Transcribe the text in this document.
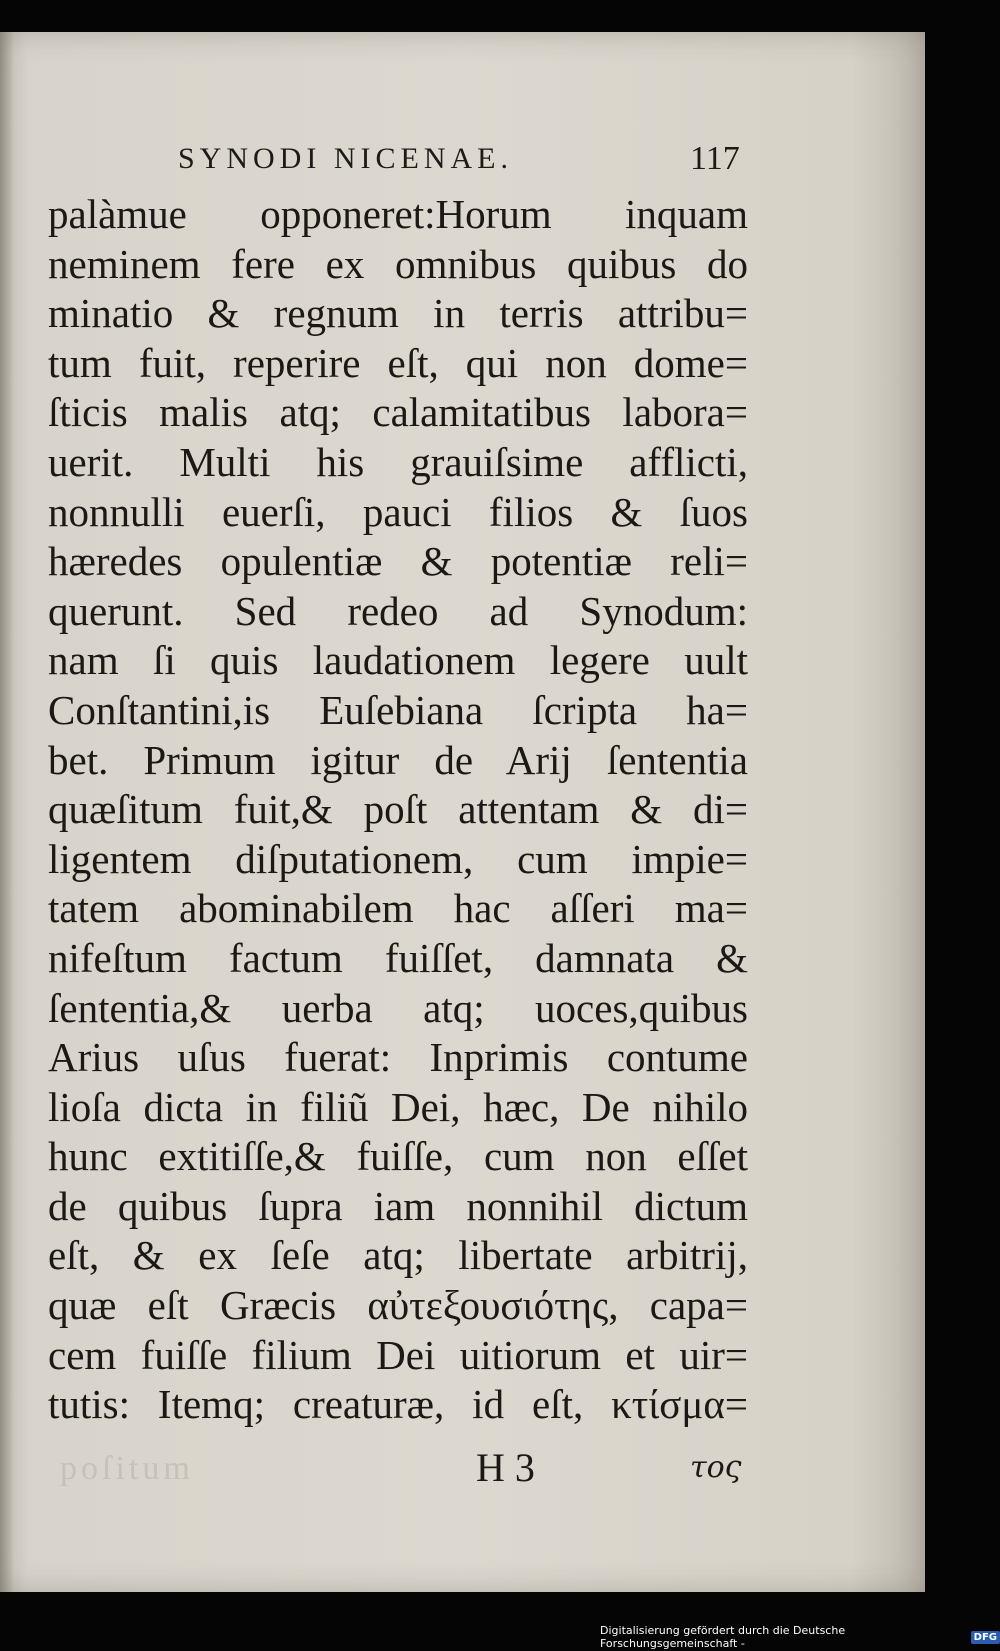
SYNODI NICENAE.	117
palàmue opponeret:Horum inquam
neminem fere ex omnibus quibus do
minatio & regnum in terris attribu=
tum fuit, reperire eſt, qui non dome=
ſticis malis atq; calamitatibus labora=
uerit. Multi his grauiſsime afflicti,
nonnulli euerſi, pauci filios & ſuos
hæredes opulentiæ & potentiæ reli=
querunt. Sed redeo ad Synodum:
nam ſi quis laudationem legere uult
Conſtantini,is Euſebiana ſcripta ha=
bet. Primum igitur de Arij ſententia
quæſitum fuit,& poſt attentam & di=
ligentem diſputationem, cum impie=
tatem abominabilem hac aſſeri ma=
nifeſtum factum fuiſſet, damnata &
ſententia,& uerba atq; uoces,quibus
Arius uſus fuerat: Inprimis contume
lioſa dicta in filiũ Dei, hæc, De nihilo
hunc extitiſſe,& fuiſſe, cum non eſſet
de quibus ſupra iam nonnihil dictum
eſt, & ex ſeſe atq; libertate arbitrij,
quæ eſt Græcis αὐτεξουσιότης, capa=
cem fuiſſe filium Dei uitiorum et uir=
tutis: Itemq; creaturæ, id eſt, κτίσμα=
poſitum	H 3	τος
Digitalisierung gefördert durch die Deutsche Forschungsgemeinschaft -	DFG
